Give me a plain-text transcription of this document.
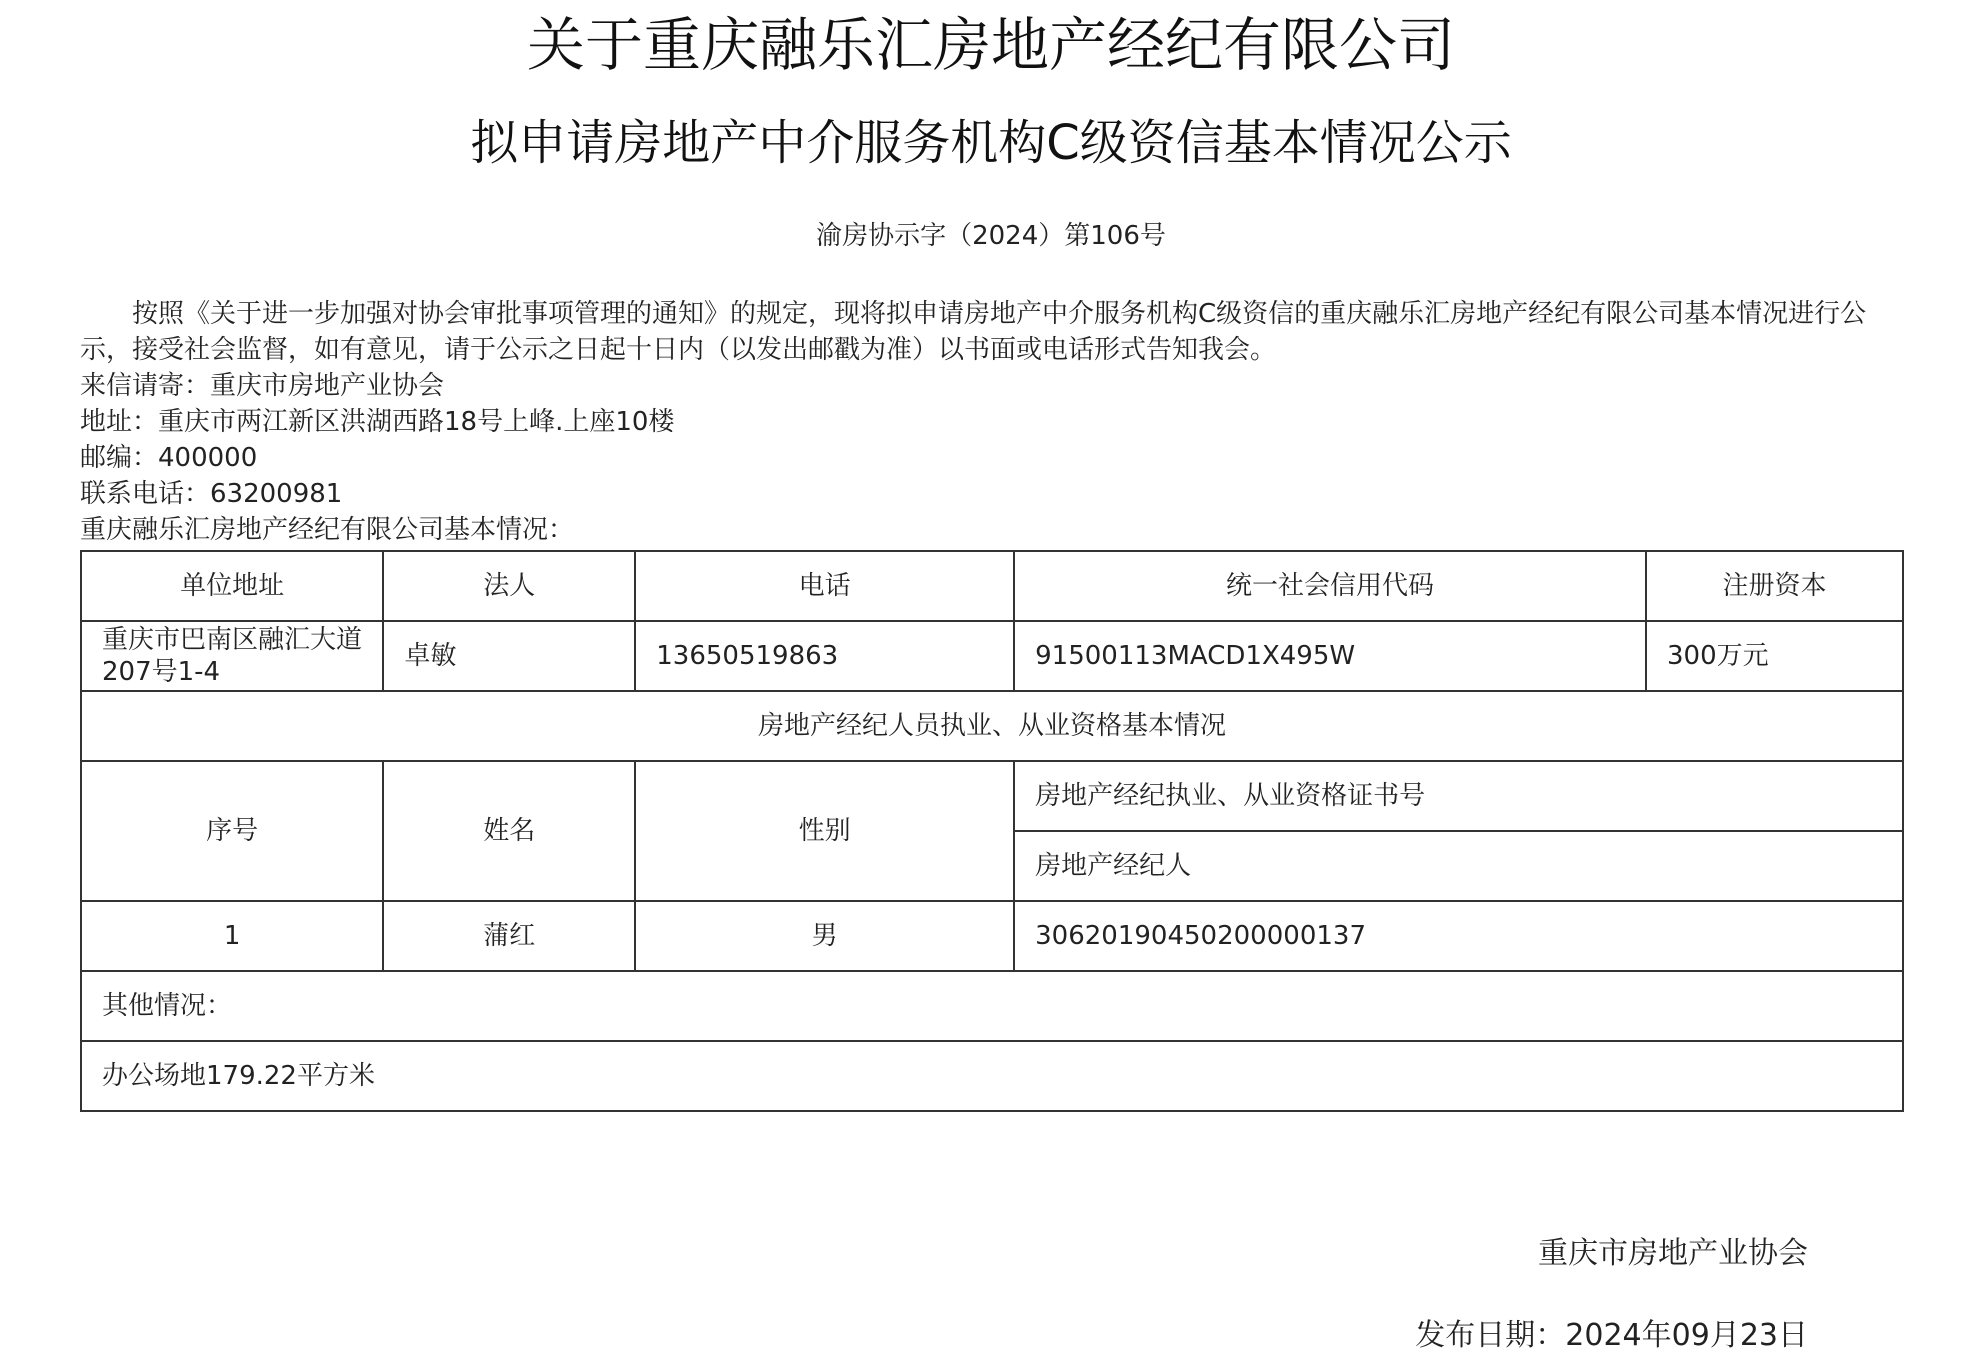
关于重庆融乐汇房地产经纪有限公司
拟申请房地产中介服务机构C级资信基本情况公示
渝房协示字（2024）第106号

按照《关于进一步加强对协会审批事项管理的通知》的规定，现将拟申请房地产中介服务机构C级资信的重庆融乐汇房地产经纪有限公司基本情况进行公示，接受社会监督，如有意见，请于公示之日起十日内（以发出邮戳为准）以书面或电话形式告知我会。

来信请寄：重庆市房地产业协会

地址：重庆市两江新区洪湖西路18号上峰.上座10楼

邮编：400000

联系电话：63200981

重庆融乐汇房地产经纪有限公司基本情况：

单位地址	法人	电话	统一社会信用代码	注册资本
重庆市巴南区融汇大道207号1-4	卓敏	13650519863	91500113MACD1X495W	300万元
房地产经纪人员执业、从业资格基本情况				
序号	姓名	性别	房地产经纪执业、从业资格证书号	
			房地产经纪人	
1	蒲红	男	30620190450200000137	
其他情况：				
办公场地179.22平方米				
重庆市房地产业协会
发布日期：2024年09月23日
